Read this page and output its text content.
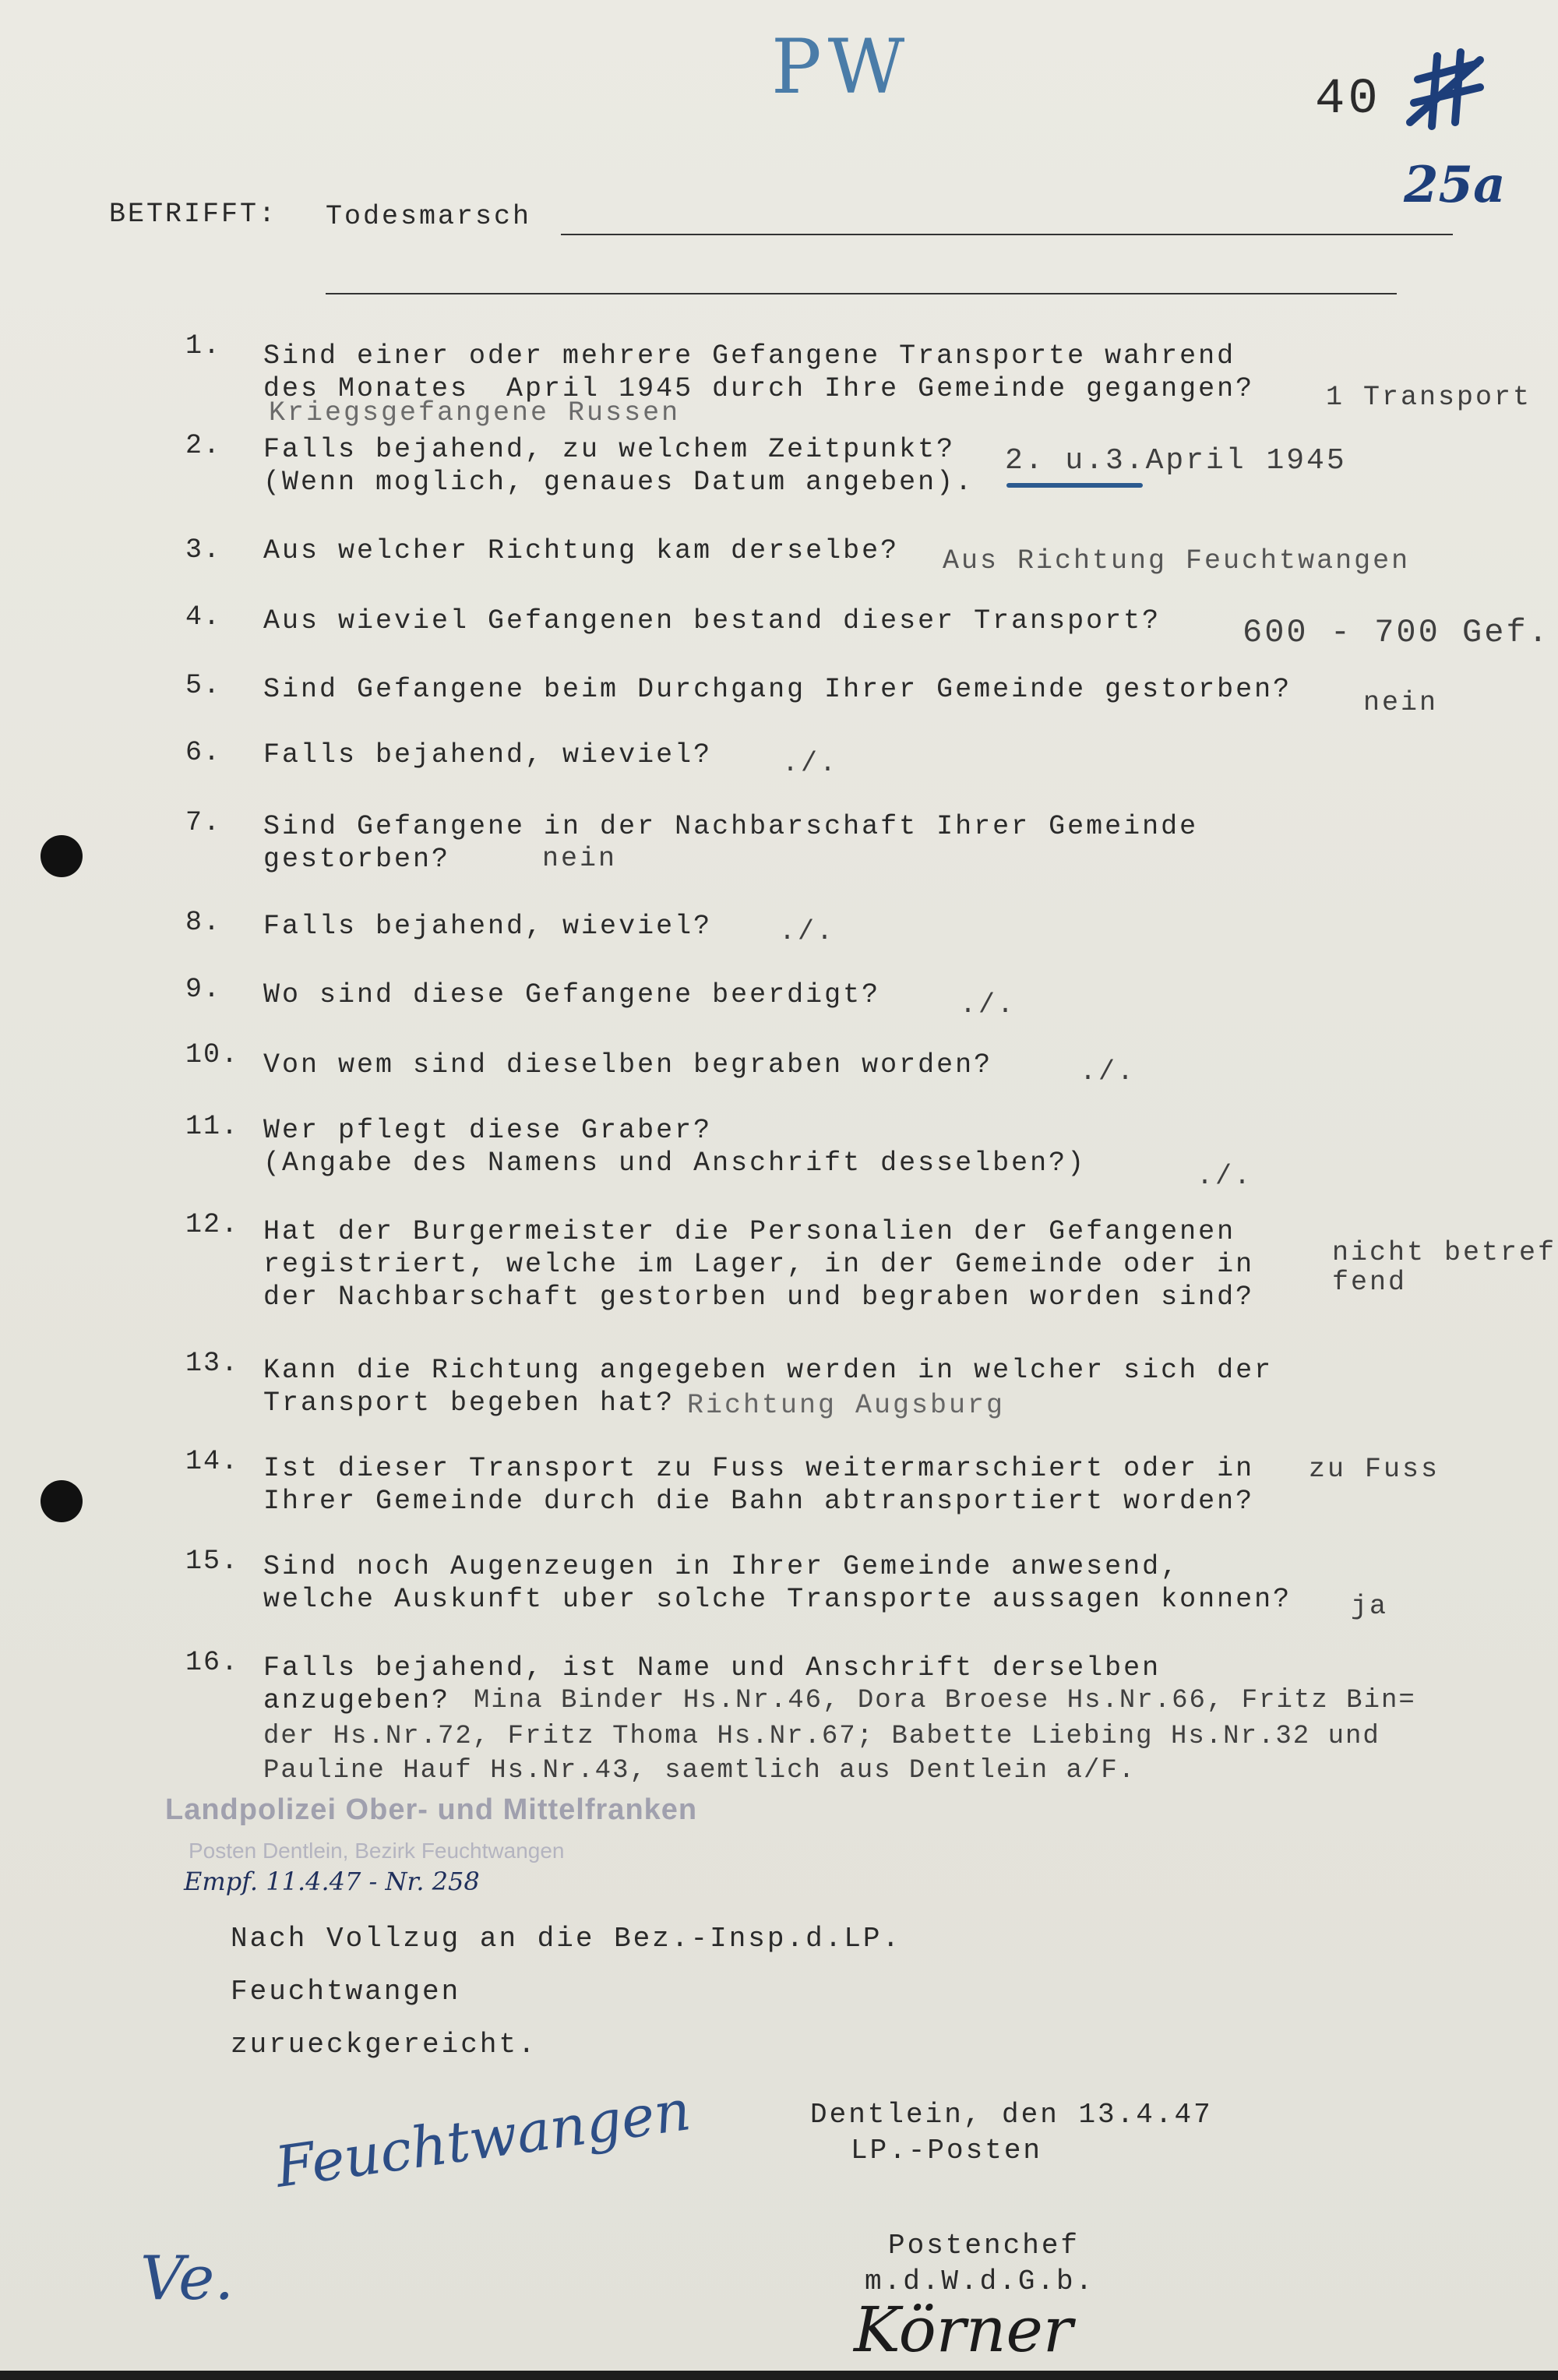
PW	40
25a
BETRIFFT: Todesmarsch
1. Sind einer oder mehrere Gefangene Transporte wahrend
des Monates  April 1945 durch Ihre Gemeinde gegangen?	1 Transport
Kriegsgefangene Russen
2. Falls bejahend, zu welchem Zeitpunkt?
(Wenn moglich, genaues Datum angeben).
2. u.3.April 1945
3. Aus welcher Richtung kam derselbe? Aus Richtung Feuchtwangen
4. Aus wieviel Gefangenen bestand dieser Transport? 600 - 700 Gef.
5. Sind Gefangene beim Durchgang Ihrer Gemeinde gestorben?	nein
6. Falls bejahend, wieviel?	./.
7. Sind Gefangene in der Nachbarschaft Ihrer Gemeinde
gestorben?	nein
8. Falls bejahend, wieviel? ./.
9. Wo sind diese Gefangene beerdigt?	./.
10. Von wem sind dieselben begraben worden?	./.
11. Wer pflegt diese Graber?
(Angabe des Namens und Anschrift desselben?)	./.
12. Hat der Burgermeister die Personalien der Gefangenen
registriert, welche im Lager, in der Gemeinde oder in
der Nachbarschaft gestorben und begraben worden sind?
nicht betref
fend
13. Kann die Richtung angegeben werden in welcher sich der
Transport begeben hat? Richtung Augsburg
14. Ist dieser Transport zu Fuss weitermarschiert oder in
Ihrer Gemeinde durch die Bahn abtransportiert worden?
zu Fuss
15. Sind noch Augenzeugen in Ihrer Gemeinde anwesend,
welche Auskunft uber solche Transporte aussagen konnen? ja
16. Falls bejahend, ist Name und Anschrift derselben
anzugeben? Mina Binder Hs.Nr.46, Dora Broese Hs.Nr.66, Fritz Bin=
der Hs.Nr.72, Fritz Thoma Hs.Nr.67; Babette Liebing Hs.Nr.32 und
Pauline Hauf Hs.Nr.43, saemtlich aus Dentlein a/F.
Landpolizei Ober- und Mittelfranken
Posten Dentlein, Bezirk Feuchtwangen
Empf. 11.4.47 - Nr. 258
Nach Vollzug an die Bez.-Insp.d.LP.
Feuchtwangen
zurueckgereicht.
Dentlein, den 13.4.47
LP.-Posten
Postenchef
m.d.W.d.G.b.
Körner
Feuchtwangen
Ve.
